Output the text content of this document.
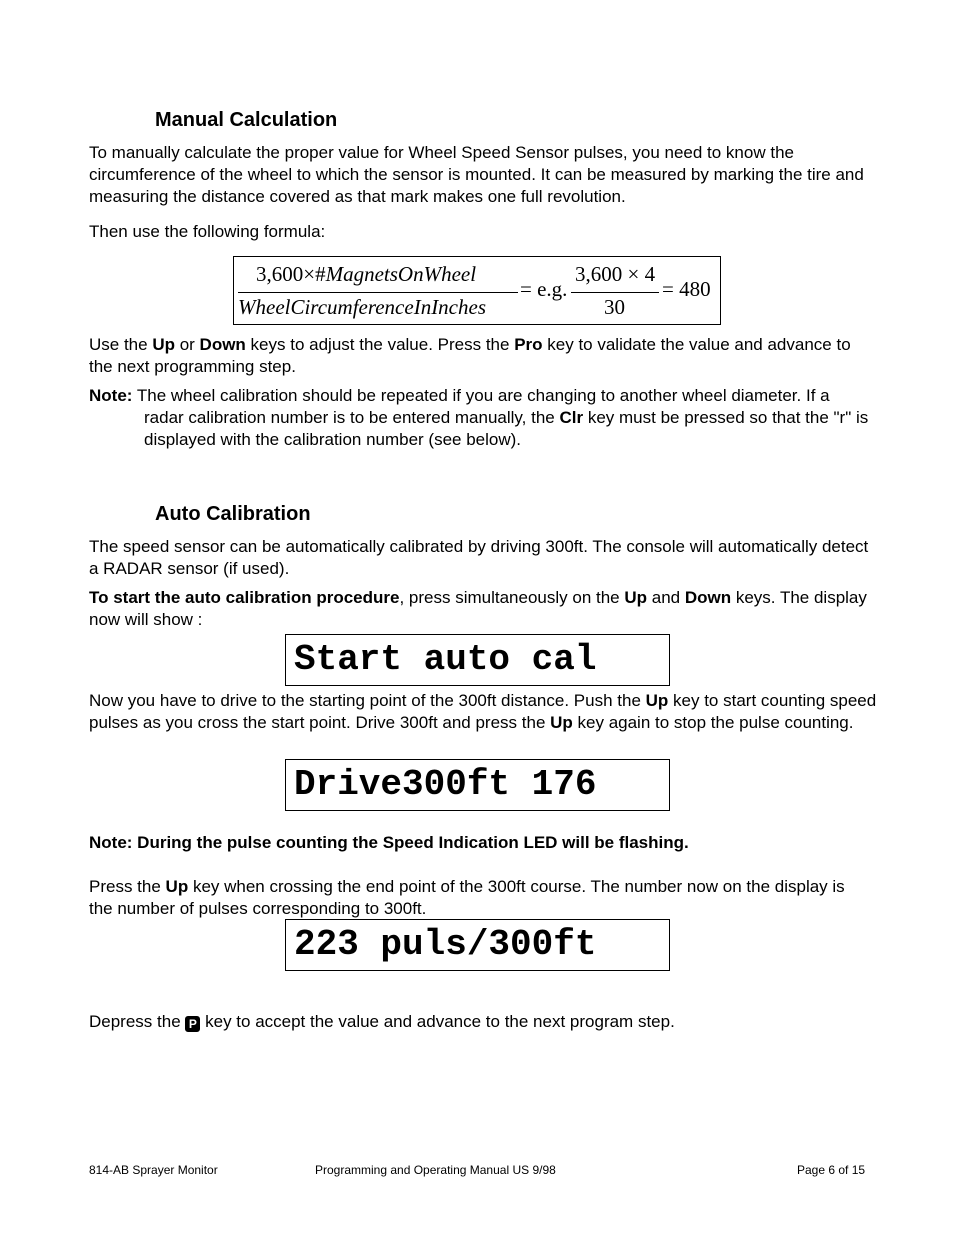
Manual Calculation
To manually calculate the proper value for Wheel Speed Sensor pulses, you need to know the circumference of the wheel to which the sensor is mounted. It can be measured by marking the tire and measuring the distance covered as that mark makes one full revolution.
Then use the following formula:
3,600×#MagnetsOnWheel
WheelCircumferenceInInches
= e.g.
3,600 × 4
30
= 480
Use the Up or Down keys to adjust the value. Press the Pro key to validate the value and advance to the next programming step.
Note: The wheel calibration should be repeated if you are changing to another wheel diameter. If a radar calibration number is to be entered manually, the Clr key must be pressed so that the "r" is displayed with the calibration number (see below).
Auto Calibration
The speed sensor can be automatically calibrated by driving 300ft. The console will automatically detect a RADAR sensor (if used).
To start the auto calibration procedure, press simultaneously on the Up and Down keys. The display now will show :
Start auto cal
Now you have to drive to the starting point of the 300ft distance. Push the Up key to start counting speed pulses as you cross the start point. Drive 300ft and press the Up key again to stop the pulse counting.
Drive300ft 176
Note: During the pulse counting the Speed Indication LED will be flashing.
Press the Up key when crossing the end point of the 300ft course. The number now on the display is the number of pulses corresponding to 300ft.
223 puls/300ft
Depress the P key to accept the value and advance to the next program step.
814-AB Sprayer Monitor	Programming and Operating Manual US 9/98	Page 6 of 15
